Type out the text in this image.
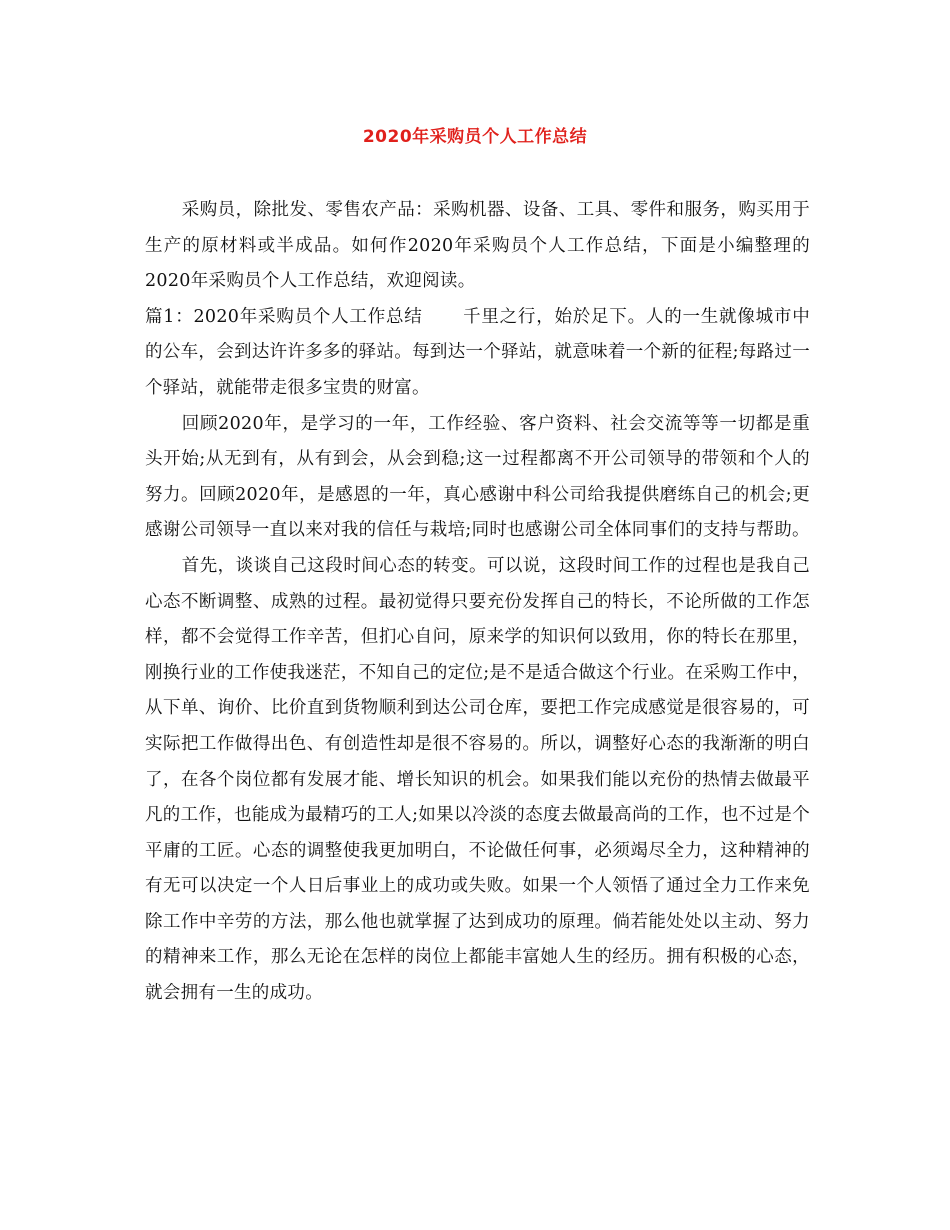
2020年采购员个人工作总结

采购员，除批发、零售农产品：采购机器、设备、工具、零件和服务，购买用于生产的原材料或半成品。如何作2020年采购员个人工作总结，下面是小编整理的2020年采购员个人工作总结，欢迎阅读。

篇1：2020年采购员个人工作总结 千里之行，始於足下。人的一生就像城市中的公车，会到达许许多多的驿站。每到达一个驿站，就意味着一个新的征程;每路过一个驿站，就能带走很多宝贵的财富。

回顾2020年，是学习的一年，工作经验、客户资料、社会交流等等一切都是重头开始;从无到有，从有到会，从会到稳;这一过程都离不开公司领导的带领和个人的努力。回顾2020年，是感恩的一年，真心感谢中科公司给我提供磨练自己的机会;更感谢公司领导一直以来对我的信任与栽培;同时也感谢公司全体同事们的支持与帮助。

首先，谈谈自己这段时间心态的转变。可以说，这段时间工作的过程也是我自己心态不断调整、成熟的过程。最初觉得只要充份发挥自己的特长，不论所做的工作怎样，都不会觉得工作辛苦，但扪心自问，原来学的知识何以致用，你的特长在那里，刚换行业的工作使我迷茫，不知自己的定位;是不是适合做这个行业。在采购工作中，从下单、询价、比价直到货物顺利到达公司仓库，要把工作完成感觉是很容易的，可实际把工作做得出色、有创造性却是很不容易的。所以，调整好心态的我渐渐的明白了，在各个岗位都有发展才能、增长知识的机会。如果我们能以充份的热情去做最平凡的工作，也能成为最精巧的工人;如果以冷淡的态度去做最高尚的工作，也不过是个平庸的工匠。心态的调整使我更加明白，不论做任何事，必须竭尽全力，这种精神的有无可以决定一个人日后事业上的成功或失败。如果一个人领悟了通过全力工作来免除工作中辛劳的方法，那么他也就掌握了达到成功的原理。倘若能处处以主动、努力的精神来工作，那么无论在怎样的岗位上都能丰富她人生的经历。拥有积极的心态，就会拥有一生的成功。
